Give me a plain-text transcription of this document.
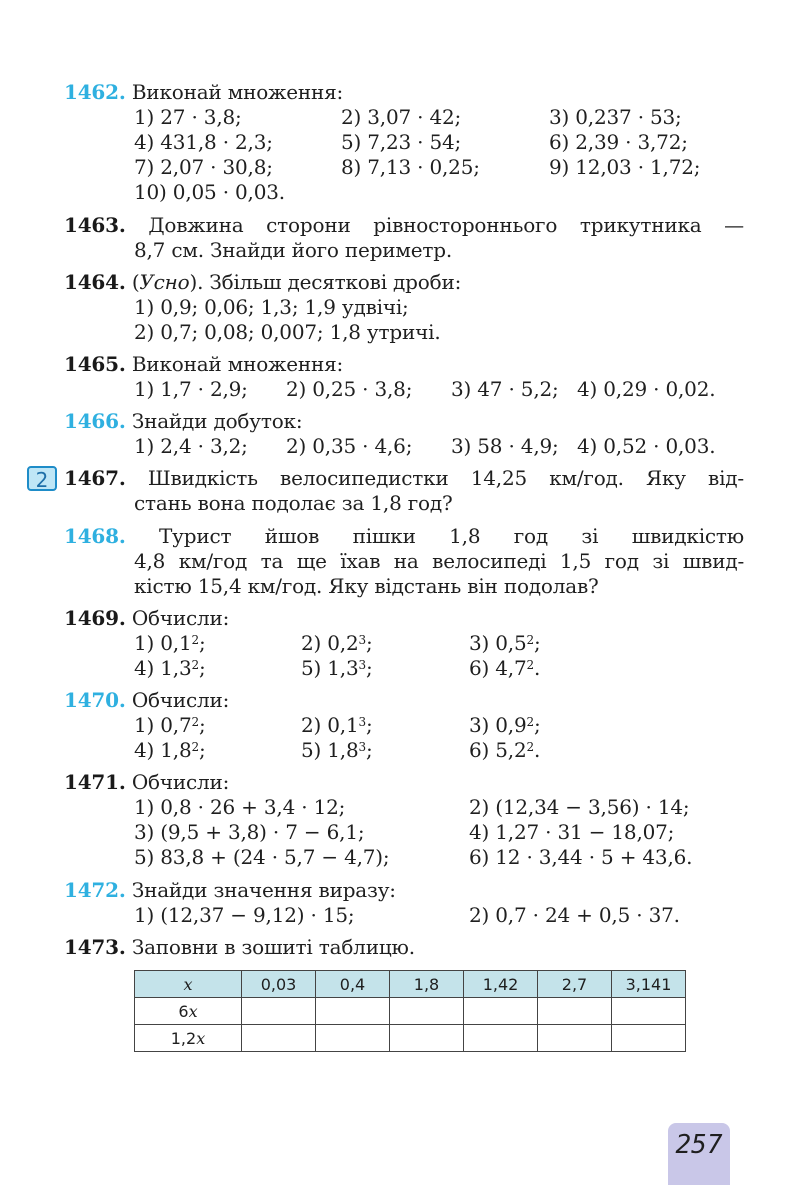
1462. Виконай множення:
1) 27 · 3,8;	2) 3,07 · 42;	3) 0,237 · 53;
4) 431,8 · 2,3;	5) 7,23 · 54;	6) 2,39 · 3,72;
7) 2,07 · 30,8;	8) 7,13 · 0,25;	9) 12,03 · 1,72;
10) 0,05 · 0,03.
1463. Довжина сторони рівностороннього трикутника —
8,7 см. Знайди його периметр.
1464. (Усно). Збільш десяткові дроби:
1) 0,9; 0,06; 1,3; 1,9 удвічі;
2) 0,7; 0,08; 0,007; 1,8 утричі.
1465. Виконай множення:
1) 1,7 · 2,9; 2) 0,25 · 3,8; 3) 47 · 5,2; 4) 0,29 · 0,02.
1466. Знайди добуток:
1) 2,4 · 3,2; 2) 0,35 · 4,6; 3) 58 · 4,9; 4) 0,52 · 0,03.
2 1467. Швидкість велосипедистки 14,25 км/год. Яку від-
стань вона подолає за 1,8 год?
1468. Турист йшов пішки 1,8 год зі швидкістю
4,8 км/год та ще їхав на велосипеді 1,5 год зі швид-
кістю 15,4 км/год. Яку відстань він подолав?
1469. Обчисли:
1) $0,1^2$;	2) $0,2^3$;	3) $0,5^2$;
4) $1,3^2$;	5) $1,3^3$;	6) $4,7^2$.
1470. Обчисли:
1) $0,7^2$;	2) $0,1^3$;	3) $0,9^2$;
4) $1,8^2$;	5) $1,8^3$;	6) $5,2^2$.
1471. Обчисли:
1) 0,8 · 26 + 3,4 · 12;	2) (12,34 − 3,56) · 14;
3) (9,5 + 3,8) · 7 − 6,1;	4) 1,27 · 31 − 18,07;
5) 83,8 + (24 · 5,7 − 4,7);	6) 12 · 3,44 · 5 + 43,6.
1472. Знайди значення виразу:
1) (12,37 − 9,12) · 15;	2) 0,7 · 24 + 0,5 · 37.
1473. Заповни в зошиті таблицю.
x	0,03	0,4	1,8	1,42	2,7	3,141
6x						
1,2x						
257
